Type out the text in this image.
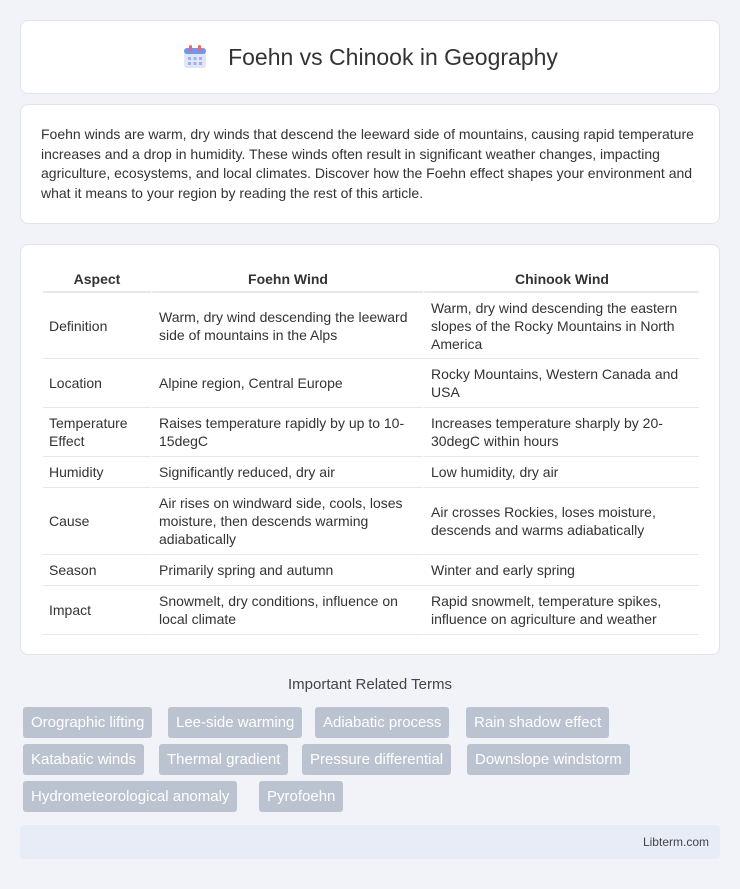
Foehn vs Chinook in Geography

Foehn winds are warm, dry winds that descend the leeward side of mountains, causing rapid temperature increases and a drop in humidity. These winds often result in significant weather changes, impacting agriculture, ecosystems, and local climates. Discover how the Foehn effect shapes your environment and what it means to your region by reading the rest of this article.

Aspect	Foehn Wind	Chinook Wind
Definition	Warm, dry wind descending the leeward side of mountains in the Alps	Warm, dry wind descending the eastern slopes of the Rocky Mountains in North America
Location	Alpine region, Central Europe	Rocky Mountains, Western Canada and USA
Temperature Effect	Raises temperature rapidly by up to 10-15degC	Increases temperature sharply by 20-30degC within hours
Humidity	Significantly reduced, dry air	Low humidity, dry air
Cause	Air rises on windward side, cools, loses moisture, then descends warming adiabatically	Air crosses Rockies, loses moisture, descends and warms adiabatically
Season	Primarily spring and autumn	Winter and early spring
Impact	Snowmelt, dry conditions, influence on local climate	Rapid snowmelt, temperature spikes, influence on agriculture and weather
Important Related Terms
Orographic lifting	Lee-side warming	Adiabatic process	Rain shadow effect
Katabatic winds	Thermal gradient	Pressure differential	Downslope windstorm
Hydrometeorological anomaly	Pyrofoehn
Libterm.com
